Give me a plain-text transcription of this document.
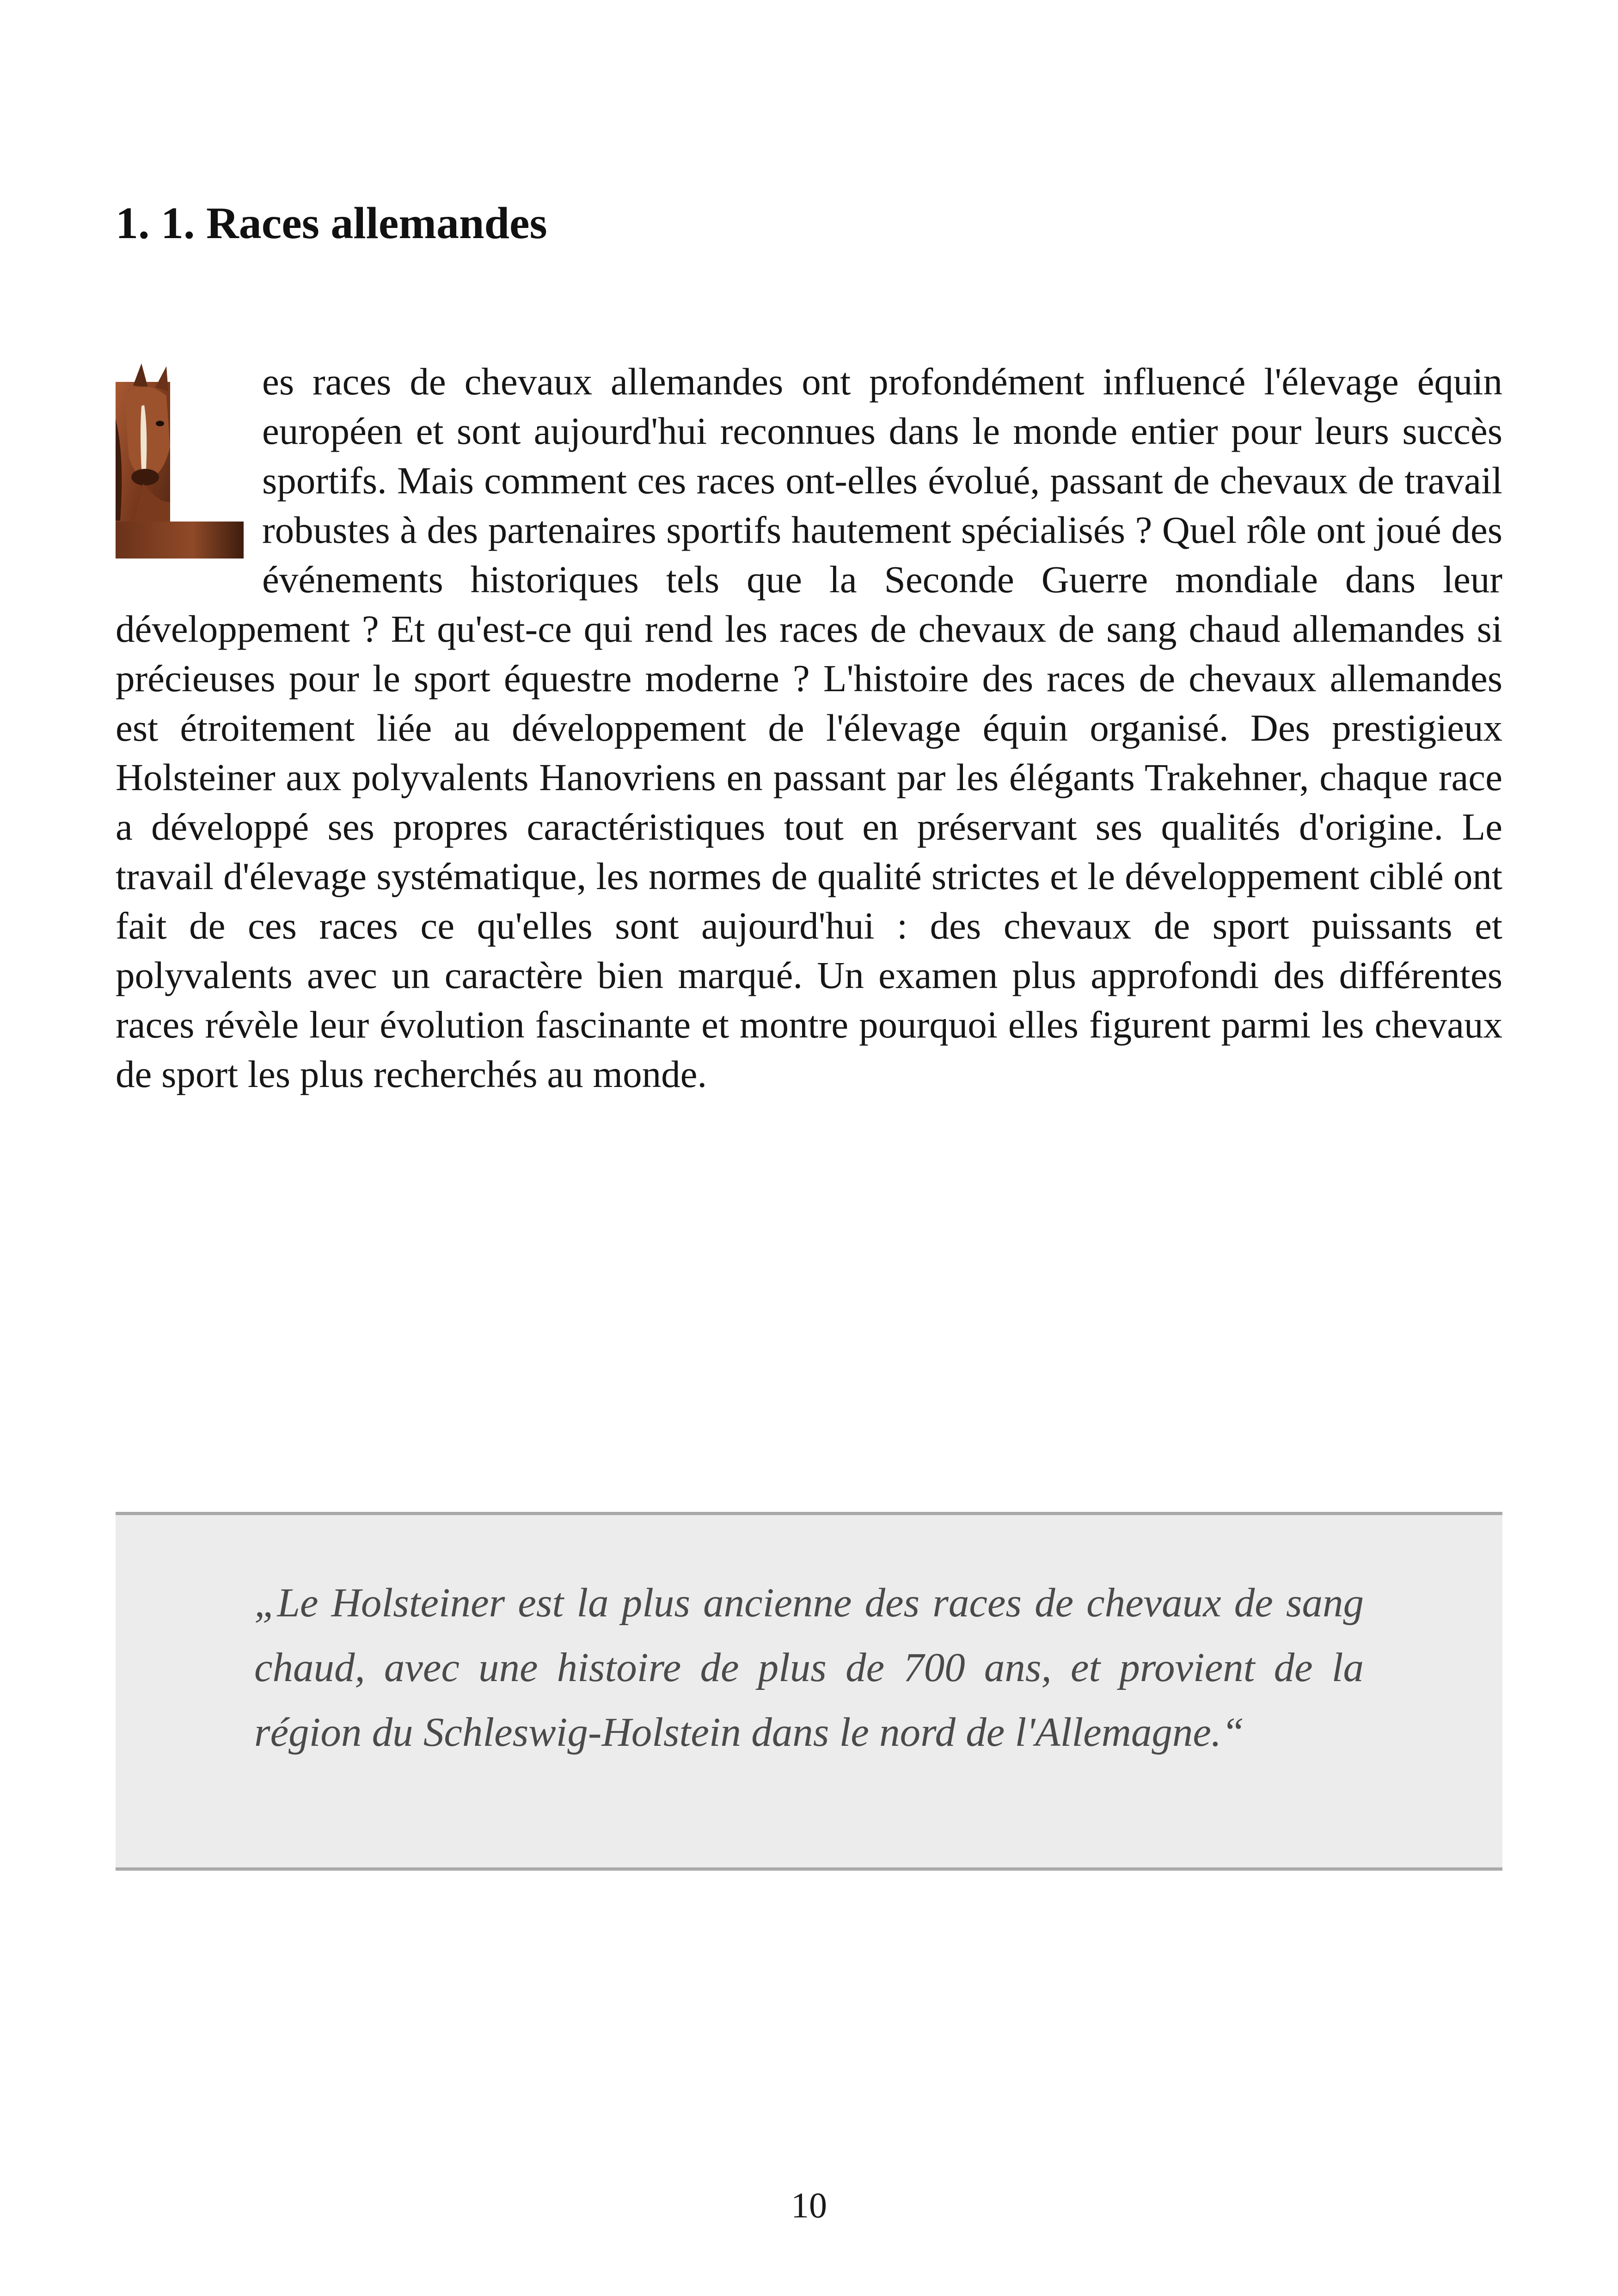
1. 1. Races allemandes

es races de chevaux allemandes ont profondément influencé l'élevage équin européen et sont aujourd'hui reconnues dans le monde entier pour leurs succès sportifs. Mais comment ces races ont-elles évolué, passant de chevaux de travail robustes à des partenaires sportifs hautement spécialisés ? Quel rôle ont joué des événements historiques tels que la Seconde Guerre mondiale dans leur développement ? Et qu'est-ce qui rend les races de chevaux de sang chaud allemandes si précieuses pour le sport équestre moderne ? L'histoire des races de chevaux allemandes est étroitement liée au développement de l'élevage équin organisé. Des prestigieux Holsteiner aux polyvalents Hanovriens en passant par les élégants Trakehner, chaque race a développé ses propres caractéristiques tout en préservant ses qualités d'origine. Le travail d'élevage systématique, les normes de qualité strictes et le développement ciblé ont fait de ces races ce qu'elles sont aujourd'hui : des chevaux de sport puissants et polyvalents avec un caractère bien marqué. Un examen plus approfondi des différentes races révèle leur évolution fascinante et montre pourquoi elles figurent parmi les chevaux de sport les plus recherchés au monde.

„Le Holsteiner est la plus ancienne des races de chevaux de sang chaud, avec une histoire de plus de 700 ans, et provient de la région du Schleswig-Holstein dans le nord de l'Allemagne.“

10
